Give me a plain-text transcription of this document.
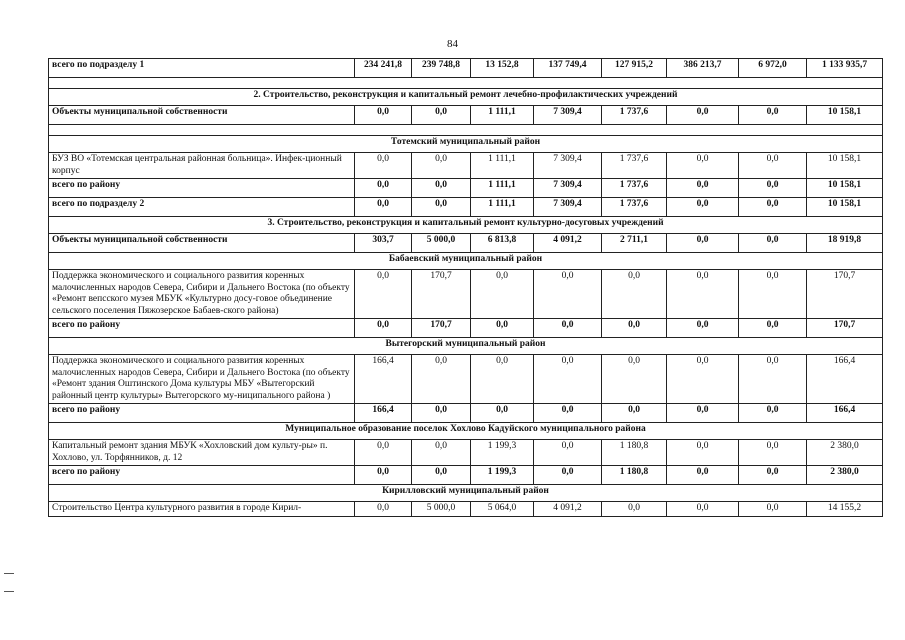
84
всего по подразделу 1	234 241,8	239 748,8	13 152,8	137 749,4	127 915,2	386 213,7	6 972,0	1 133 935,7

2. Строительство, реконструкция и капитальный ремонт лечебно-профилактических учреждений								
Объекты муниципальной собственности	0,0	0,0	1 111,1	7 309,4	1 737,6	0,0	0,0	10 158,1

Тотемский муниципальный район								
БУЗ ВО «Тотемская центральная районная больница». Инфек-ционный корпус	0,0	0,0	1 111,1	7 309,4	1 737,6	0,0	0,0	10 158,1
всего по району	0,0	0,0	1 111,1	7 309,4	1 737,6	0,0	0,0	10 158,1
всего по подразделу 2	0,0	0,0	1 111,1	7 309,4	1 737,6	0,0	0,0	10 158,1
3. Строительство, реконструкция и капитальный ремонт культурно-досуговых учреждений								
Объекты муниципальной собственности	303,7	5 000,0	6 813,8	4 091,2	2 711,1	0,0	0,0	18 919,8
Бабаевский муниципальный район								
Поддержка экономического и социального развития коренных малочисленных народов Севера, Сибири и Дальнего Востока (по объекту «Ремонт вепсского музея МБУК «Культурно досу-говое объединение сельского поселения Пяжозерское Бабаев-ского района)	0,0	170,7	0,0	0,0	0,0	0,0	0,0	170,7
всего по району	0,0	170,7	0,0	0,0	0,0	0,0	0,0	170,7
Вытегорский муниципальный район								
Поддержка экономического и социального развития коренных малочисленных народов Севера, Сибири и Дальнего Востока (по объекту «Ремонт здания Оштинского Дома культуры МБУ «Вытегорский районный центр культуры» Вытегорского му-ниципального района )	166,4	0,0	0,0	0,0	0,0	0,0	0,0	166,4
всего по району	166,4	0,0	0,0	0,0	0,0	0,0	0,0	166,4
Муниципальное образование поселок Хохлово Кадуйского муниципального района								
Капитальный ремонт здания МБУК «Хохловский дом культу-ры» п. Хохлово, ул. Торфянников, д. 12	0,0	0,0	1 199,3	0,0	1 180,8	0,0	0,0	2 380,0
всего по району	0,0	0,0	1 199,3	0,0	1 180,8	0,0	0,0	2 380,0
Кирилловский муниципальный район								
Строительство Центра культурного развития в городе Кирил-	0,0	5 000,0	5 064,0	4 091,2	0,0	0,0	0,0	14 155,2
